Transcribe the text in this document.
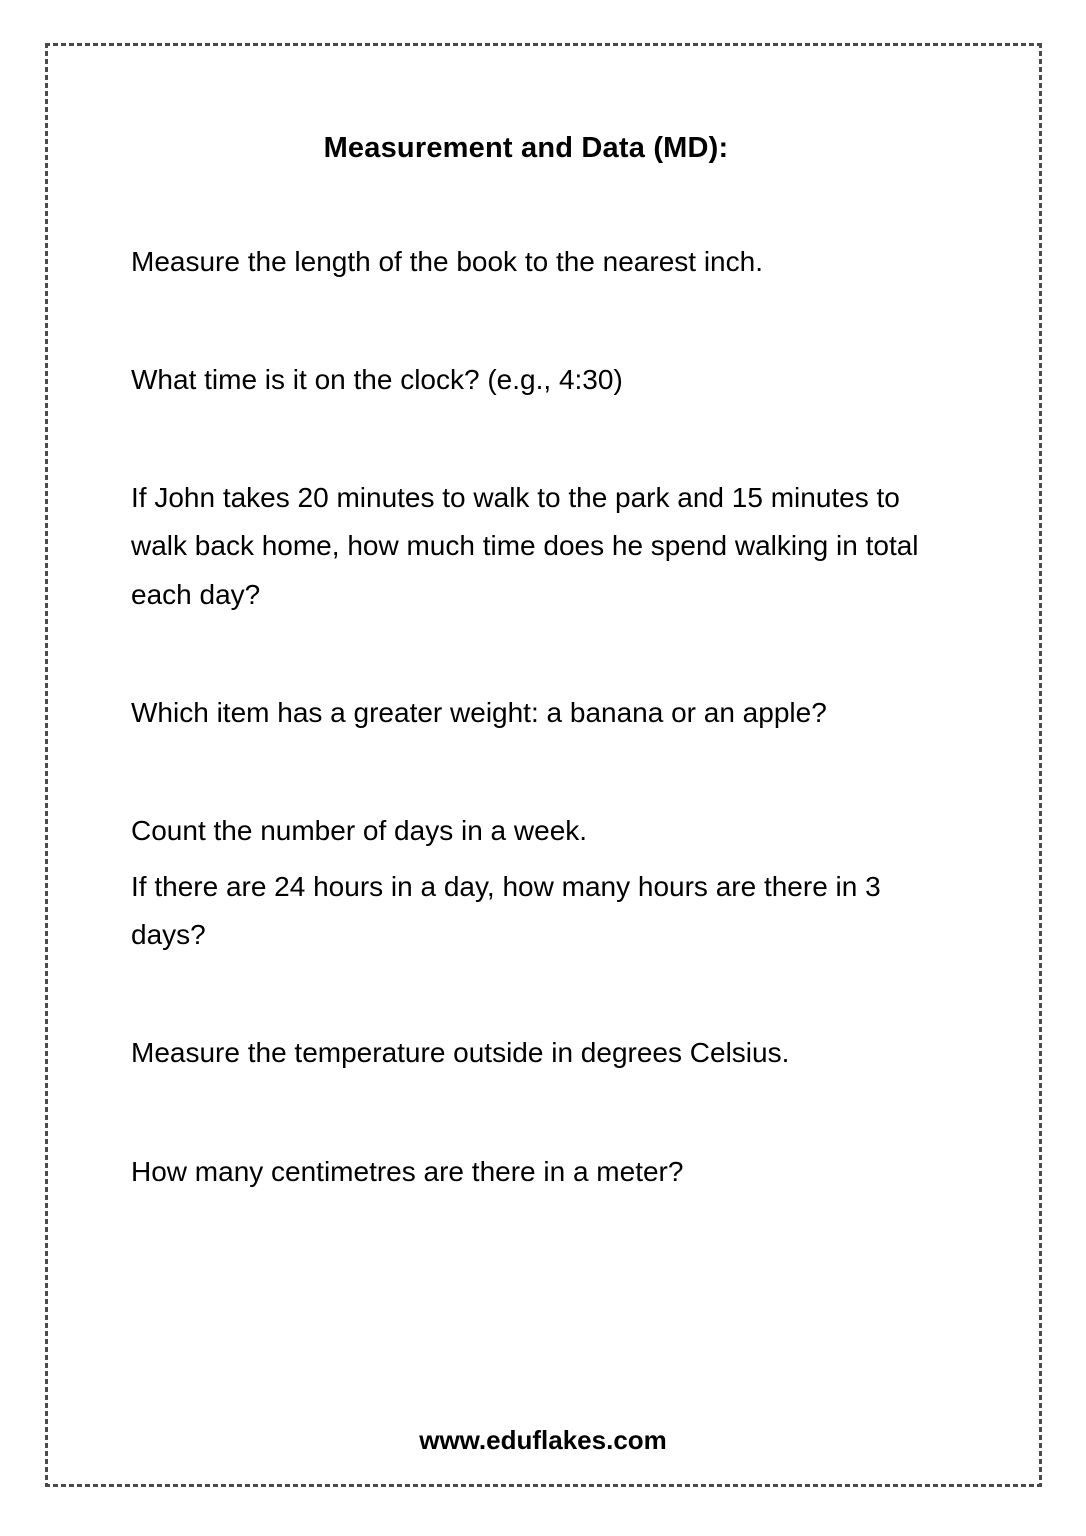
Measurement and Data (MD):

Measure the length of the book to the nearest inch.

What time is it on the clock? (e.g., 4:30)

If John takes 20 minutes to walk to the park and 15 minutes to walk back home, how much time does he spend walking in total each day?

Which item has a greater weight: a banana or an apple?

Count the number of days in a week.

If there are 24 hours in a day, how many hours are there in 3 days?

Measure the temperature outside in degrees Celsius.

How many centimetres are there in a meter?

www.eduflakes.com
